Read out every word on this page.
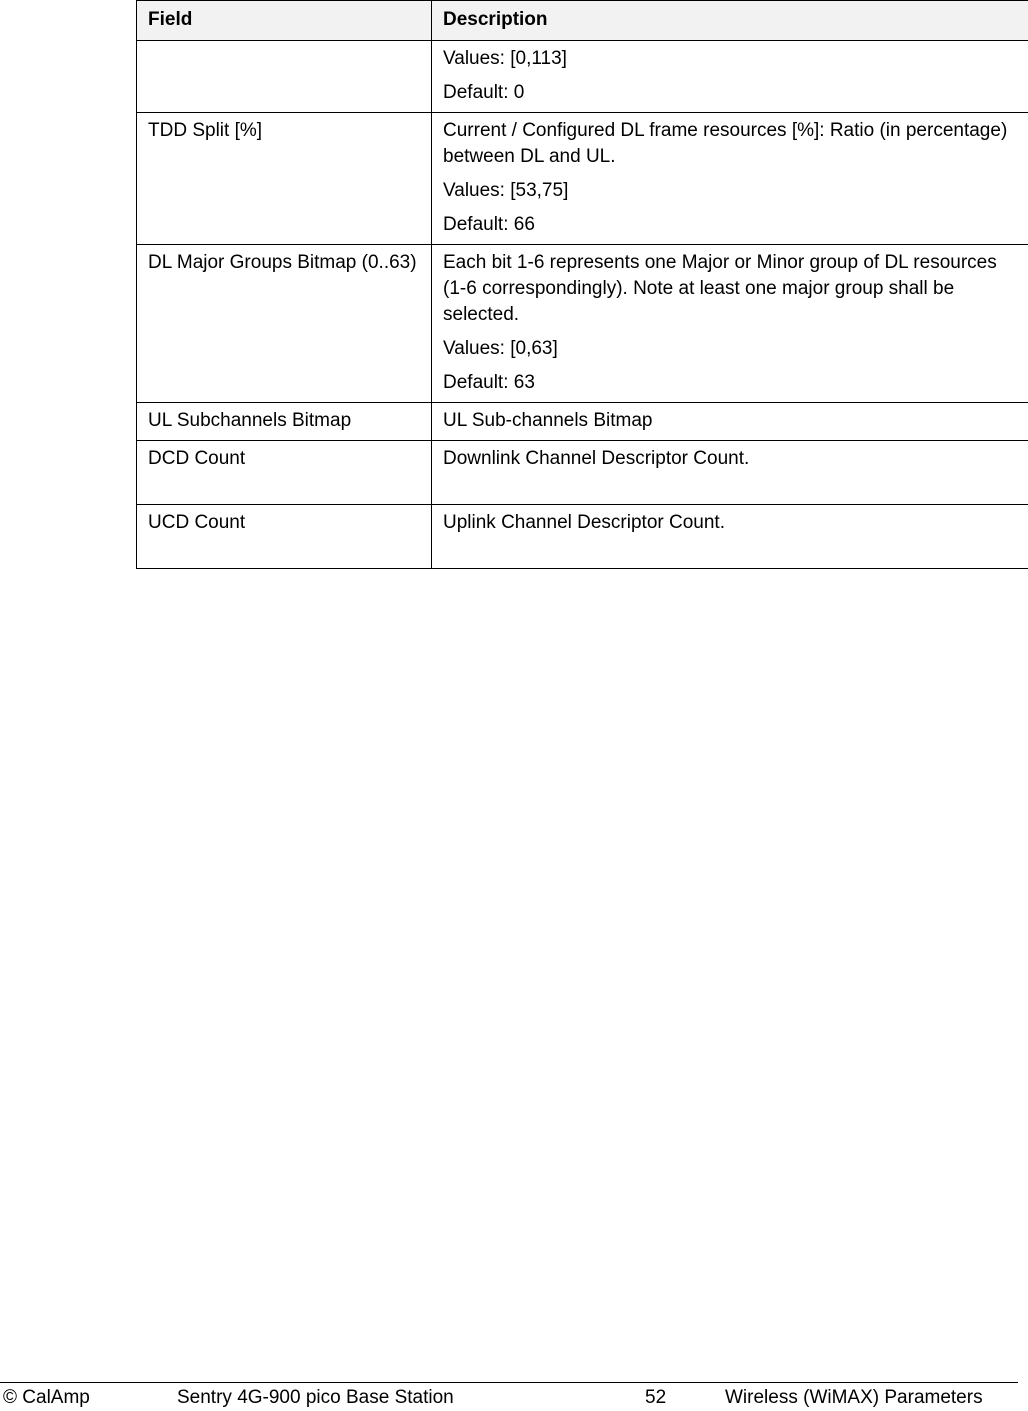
Field	Description

	Values: [0,113]

Default: 0

TDD Split [%]	Current / Configured DL frame resources [%]: Ratio (in percentage) between DL and UL.

Values: [53,75]

Default: 66

DL Major Groups Bitmap (0..63)	Each bit 1-6 represents one Major or Minor group of DL resources (1-6 correspondingly). Note at least one major group shall be selected.

Values: [0,63]

Default: 63

UL Subchannels Bitmap	UL Sub-channels Bitmap

DCD Count	Downlink Channel Descriptor Count.

UCD Count	Uplink Channel Descriptor Count.

© CalAmp	Sentry 4G-900 pico Base Station	52	Wireless (WiMAX) Parameters
